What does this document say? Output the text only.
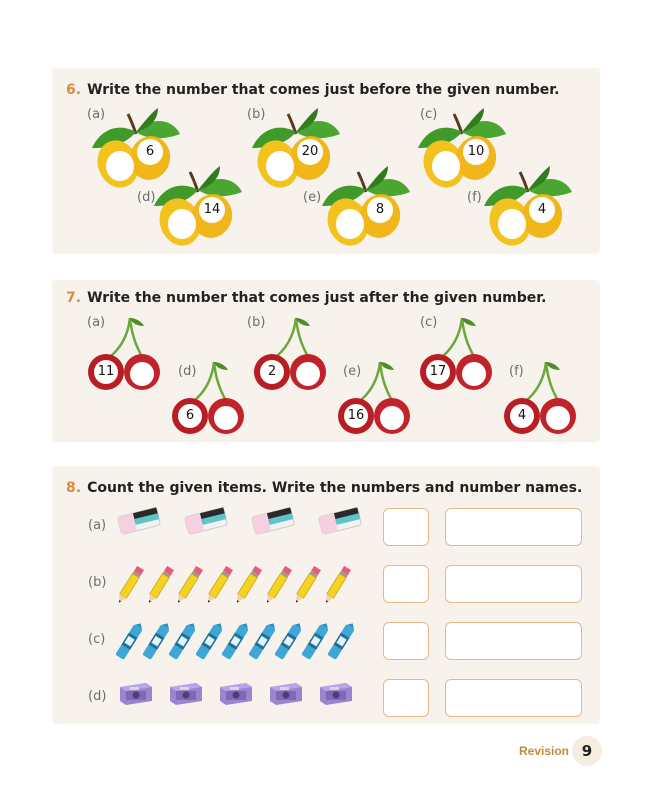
6. Write the number that comes just before the given number.
7. Write the number that comes just after the given number.
8. Count the given items. Write the numbers and number names.
(a)
6
(b)
20
(c)
10
(d)
14
(e)
8
(f)
4
(a)
11
(b)
2
(c)
17
(d)
6
(e)
16
(f)
4
(a)
(b)
(c)
(d)
Revision 9
